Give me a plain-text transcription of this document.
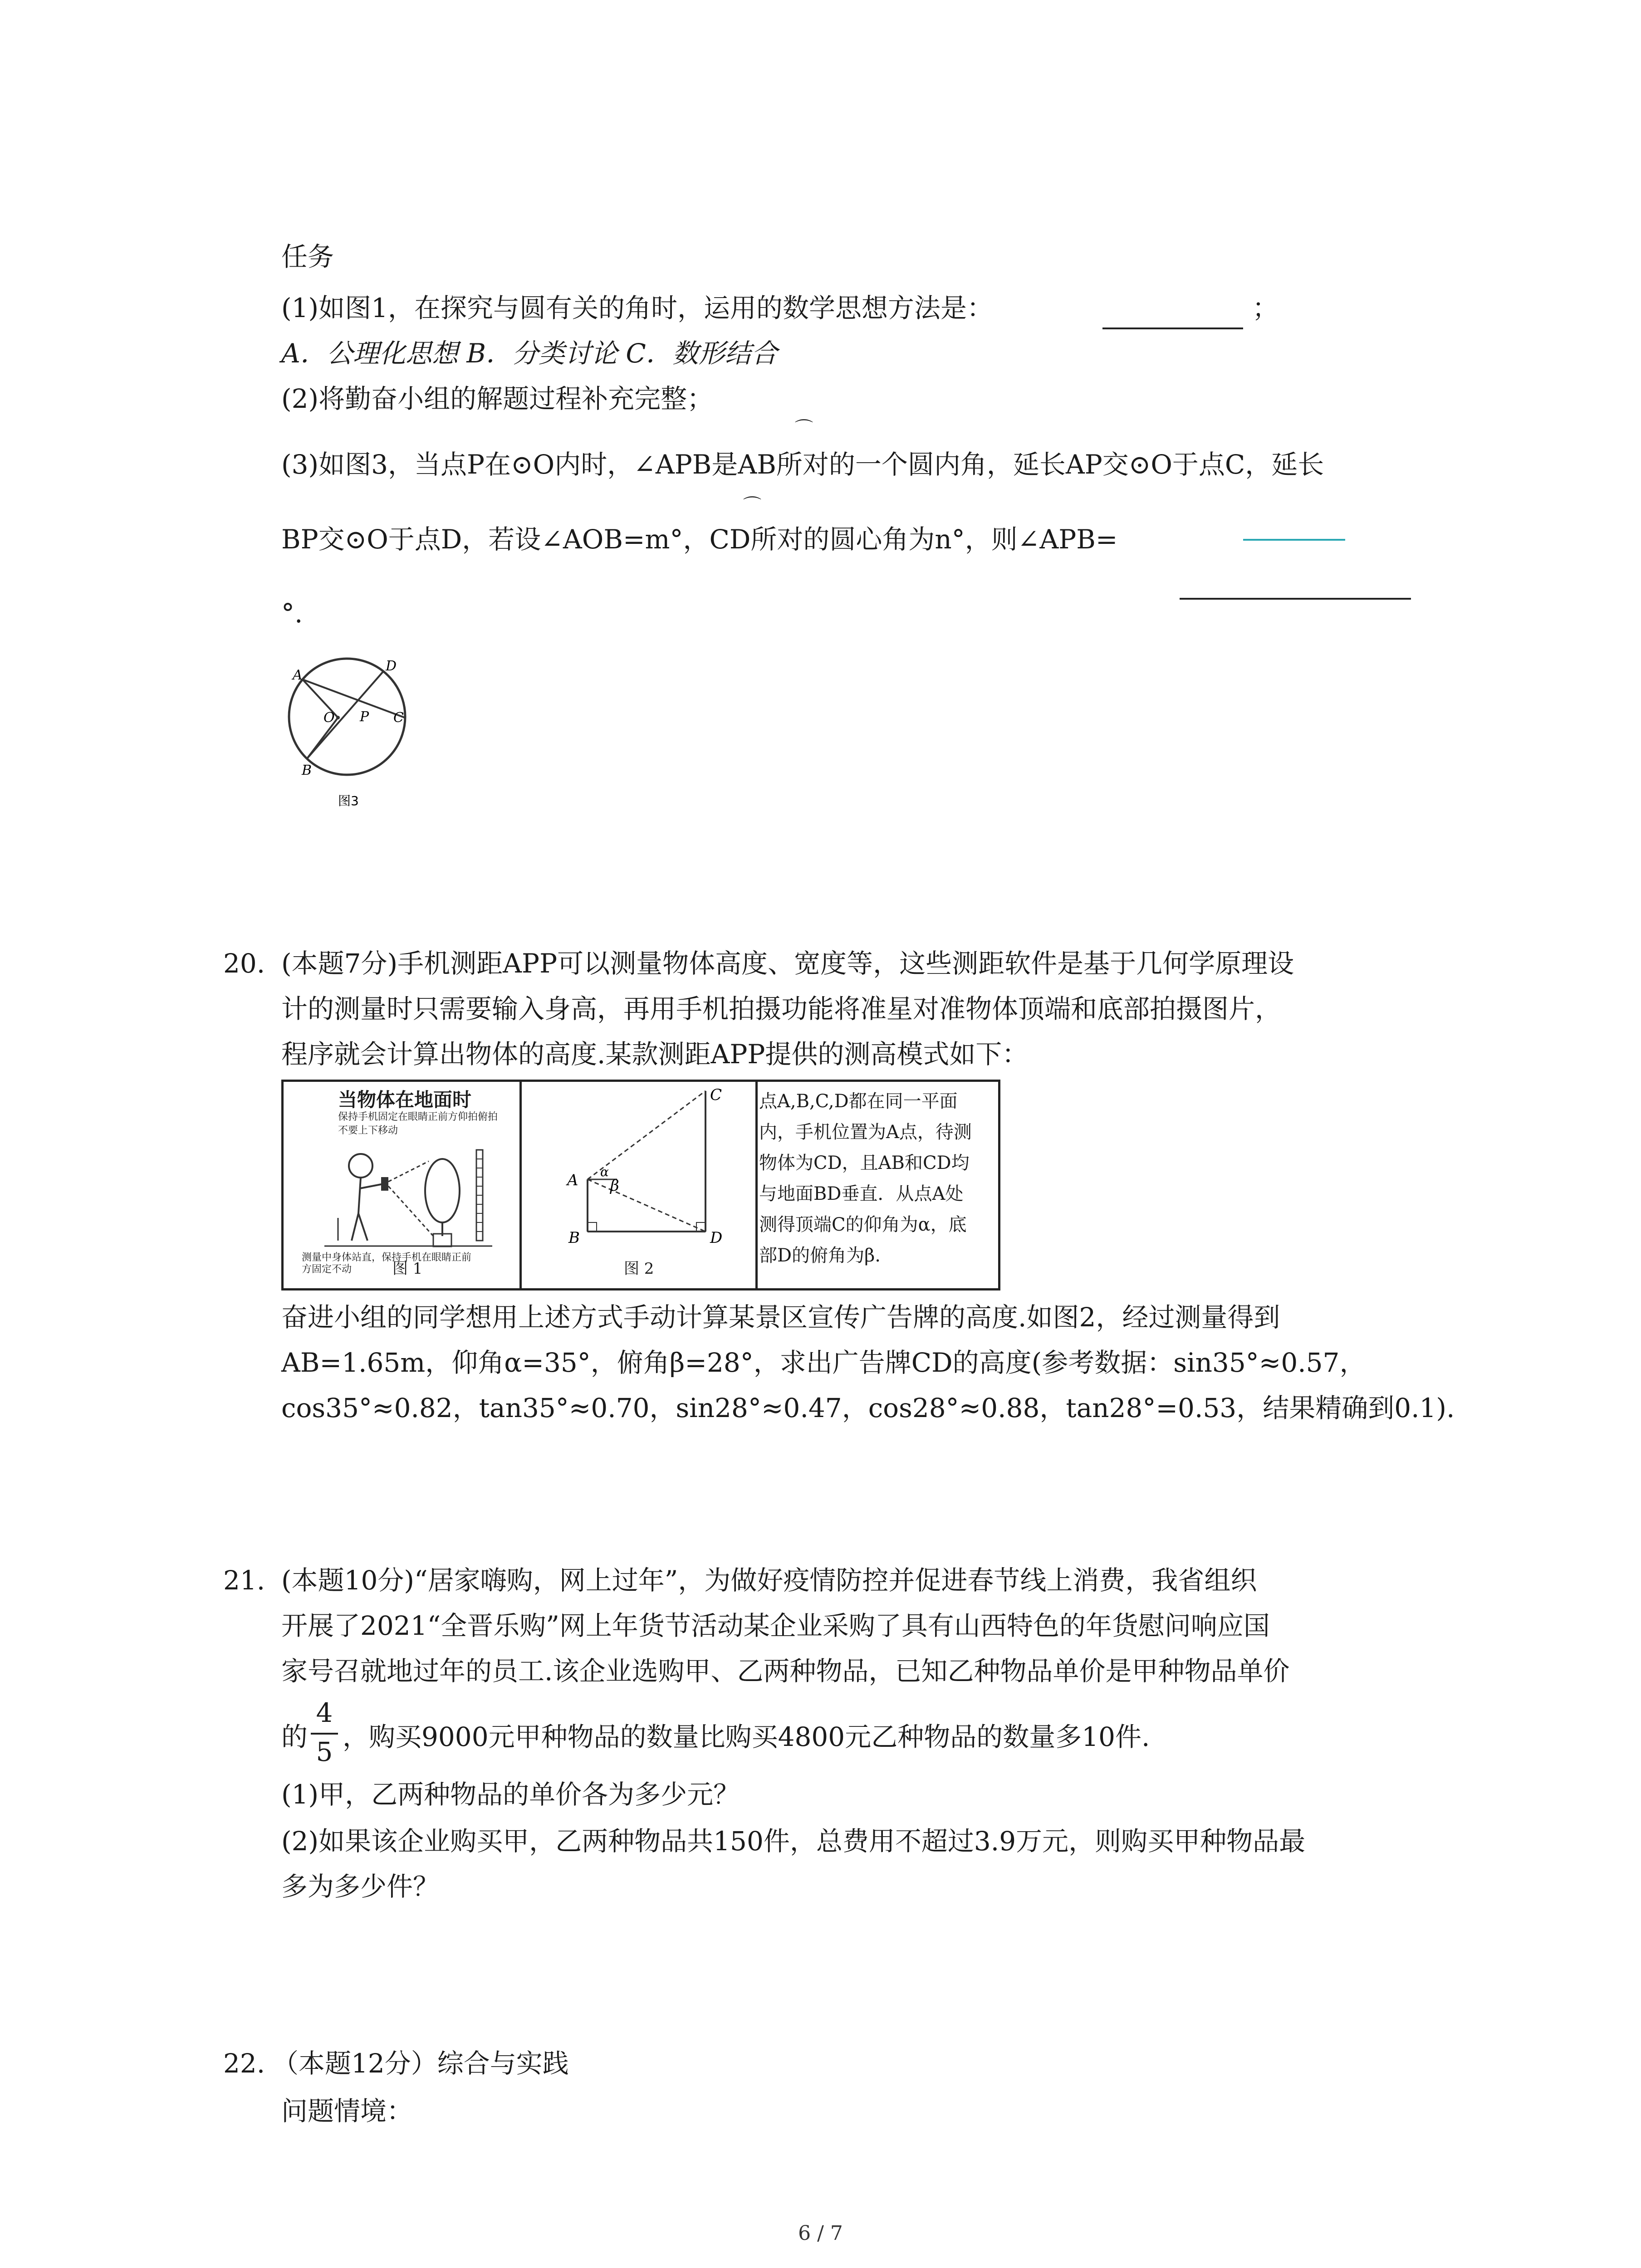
任务
(1)如图1，在探究与圆有关的角时，运用的数学思想方法是：	；
A．公理化思想 B．分类讨论 C．数形结合
(2)将勤奋小组的解题过程补充完整；
⌒
(3)如图3，当点P在⊙O内时，∠APB是AB所对的一个圆内角，延长AP交⊙O于点C，延长
⌒
BP交⊙O于点D，若设∠AOB=m°，CD所对的圆心角为n°，则∠APB=
°.
A
D
O P C
B
图3
20. (本题7分)手机测距APP可以测量物体高度、宽度等，这些测距软件是基于几何学原理设
计的测量时只需要输入身高，再用手机拍摄功能将准星对准物体顶端和底部拍摄图片，
程序就会计算出物体的高度.某款测距APP提供的测高模式如下：
当物体在地面时
保持手机固定在眼睛正前方仰拍俯拍
不要上下移动
测量中身体站直，保持手机在眼睛正前
方固定不动	图 1
C
A α
β
B	D
图 2
点A,B,C,D都在同一平面
内，手机位置为A点，待测
物体为CD，且AB和CD均
与地面BD垂直．从点A处
测得顶端C的仰角为α，底
部D的俯角为β.
奋进小组的同学想用上述方式手动计算某景区宣传广告牌的高度.如图2，经过测量得到
AB=1.65m，仰角α=35°，俯角β=28°，求出广告牌CD的高度(参考数据：sin35°≈0.57，
cos35°≈0.82，tan35°≈0.70，sin28°≈0.47，cos28°≈0.88，tan28°=0.53，结果精确到0.1).
21. (本题10分)“居家嗨购，网上过年”，为做好疫情防控并促进春节线上消费，我省组织
开展了2021“全晋乐购”网上年货节活动某企业采购了具有山西特色的年货慰问响应国
家号召就地过年的员工.该企业选购甲、乙两种物品，已知乙种物品单价是甲种物品单价
的
4
5 ，购买9000元甲种物品的数量比购买4800元乙种物品的数量多10件.
(1)甲，乙两种物品的单价各为多少元？
(2)如果该企业购买甲，乙两种物品共150件，总费用不超过3.9万元，则购买甲种物品最
多为多少件？
22. （本题12分）综合与实践
问题情境：
6 / 7
